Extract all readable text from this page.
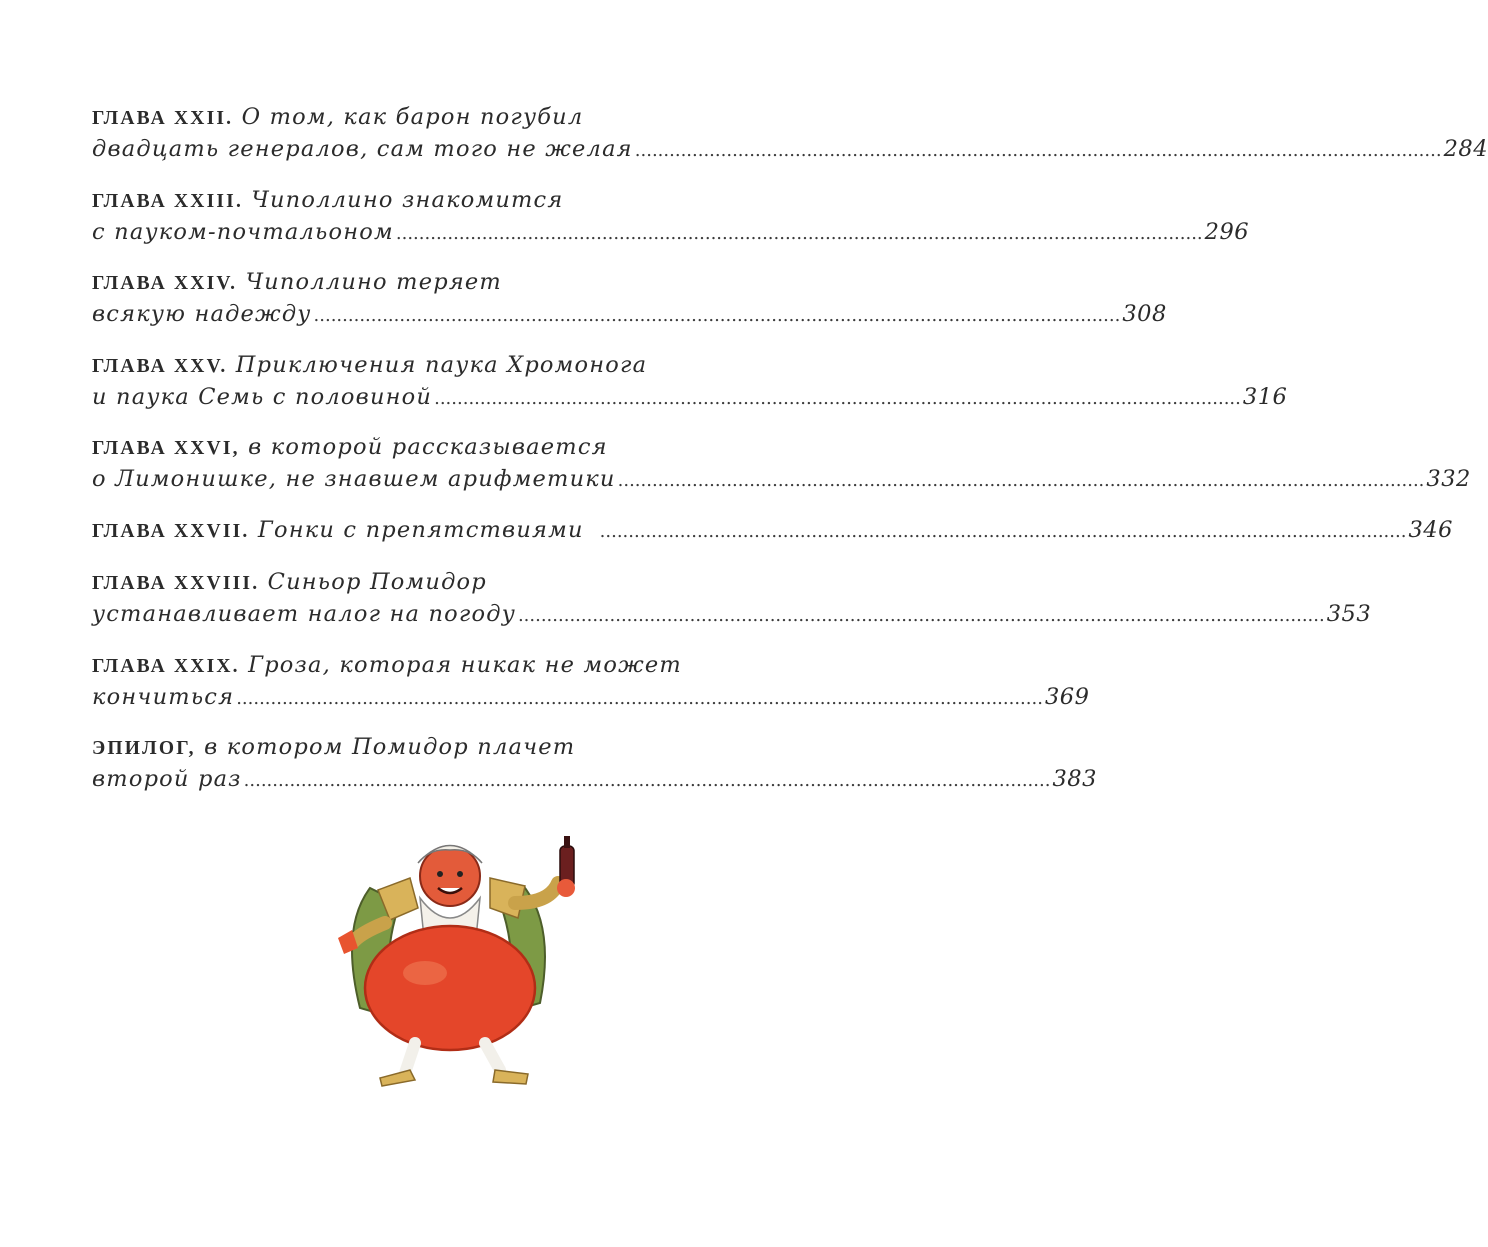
ГЛАВА XXII. О том, как барон погубил
двадцать генералов, сам того не желая ............................................................................................................................................. 284
ГЛАВА XXIII. Чиполлино знакомится
с пауком-почтальоном ............................................................................................................................................. 296
ГЛАВА XXIV. Чиполлино теряет
всякую надежду ............................................................................................................................................. 308
ГЛАВА XXV. Приключения паука Хромонога
и паука Семь с половиной ............................................................................................................................................. 316
ГЛАВА XXVI, в которой рассказывается
о Лимонишке, не знавшем арифметики ............................................................................................................................................. 332
ГЛАВА XXVII.
Гонки с препятствиями ............................................................................................................................................. 346
ГЛАВА XXVIII. Синьор Помидор
устанавливает налог на погоду ............................................................................................................................................. 353
ГЛАВА XXIX. Гроза, которая никак не может
кончиться ............................................................................................................................................. 369
ЭПИЛОГ, в котором Помидор плачет
второй раз ............................................................................................................................................. 383
